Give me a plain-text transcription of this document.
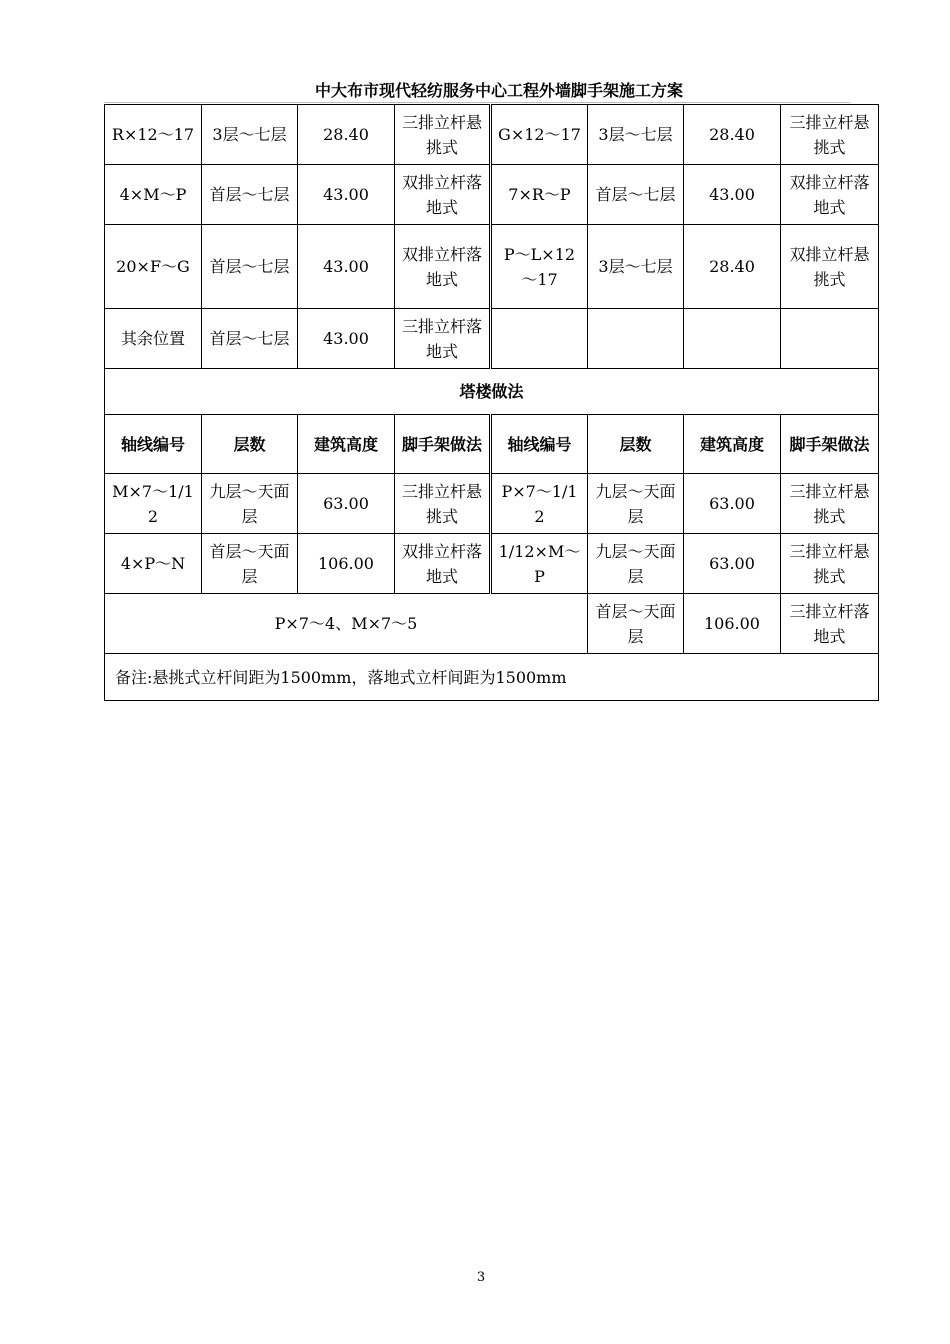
中大布市现代轻纺服务中心工程外墙脚手架施工方案
R×12～17	3层～七层	28.40	三排立杆悬挑式	G×12～17	3层～七层	28.40	三排立杆悬挑式
4×M～P	首层～七层	43.00	双排立杆落地式	7×R～P	首层～七层	43.00	双排立杆落地式
20×F～G	首层～七层	43.00	双排立杆落地式	P～L×12～17	3层～七层	28.40	双排立杆悬挑式
其余位置	首层～七层	43.00	三排立杆落地式				
塔楼做法							
轴线编号	层数	建筑高度	脚手架做法	轴线编号	层数	建筑高度	脚手架做法
M×7～1/12	九层～天面层	63.00	三排立杆悬挑式	P×7～1/12	九层～天面层	63.00	三排立杆悬挑式
4×P～N	首层～天面层	106.00	双排立杆落地式	1/12×M～P	九层～天面层	63.00	三排立杆悬挑式
P×7～4、M×7～5					首层～天面层	106.00	三排立杆落地式
备注:悬挑式立杆间距为1500mm，落地式立杆间距为1500mm							
3
